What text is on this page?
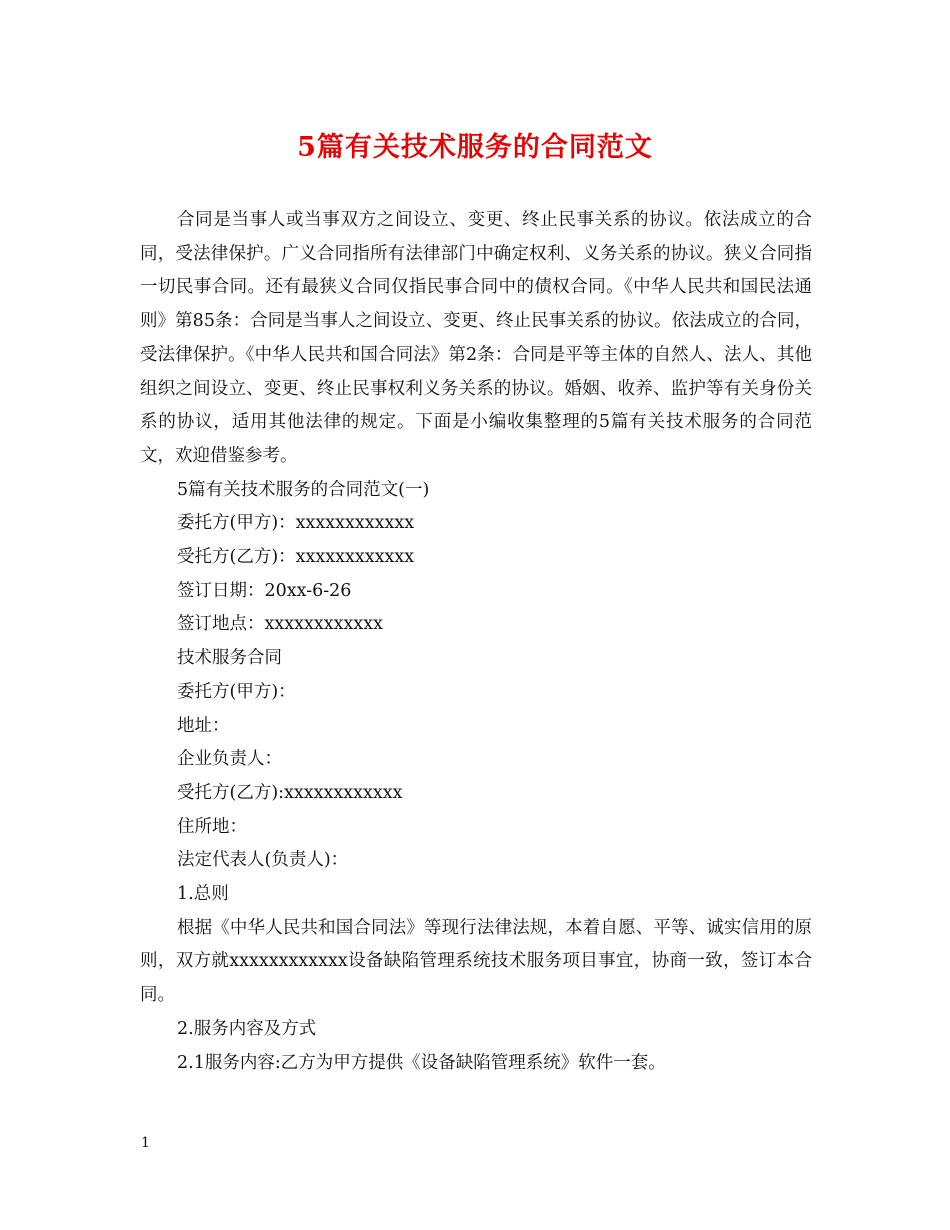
5篇有关技术服务的合同范文

合同是当事人或当事双方之间设立、变更、终止民事关系的协议。依法成立的合同，受法律保护。广义合同指所有法律部门中确定权利、义务关系的协议。狭义合同指一切民事合同。还有最狭义合同仅指民事合同中的债权合同。《中华人民共和国民法通则》第85条：合同是当事人之间设立、变更、终止民事关系的协议。依法成立的合同，受法律保护。《中华人民共和国合同法》第2条：合同是平等主体的自然人、法人、其他组织之间设立、变更、终止民事权利义务关系的协议。婚姻、收养、监护等有关身份关系的协议，适用其他法律的规定。下面是小编收集整理的5篇有关技术服务的合同范文，欢迎借鉴参考。

5篇有关技术服务的合同范文(一)

委托方(甲方)：xxxxxxxxxxxx

受托方(乙方)：xxxxxxxxxxxx

签订日期：20xx-6-26

签订地点：xxxxxxxxxxxx

技术服务合同

委托方(甲方)：

地址：

企业负责人：

受托方(乙方):xxxxxxxxxxxx

住所地：

法定代表人(负责人)：

1.总则

根据《中华人民共和国合同法》等现行法律法规，本着自愿、平等、诚实信用的原则，双方就xxxxxxxxxxxx设备缺陷管理系统技术服务项目事宜，协商一致，签订本合同。

2.服务内容及方式

2.1服务内容:乙方为甲方提供《设备缺陷管理系统》软件一套。

1
